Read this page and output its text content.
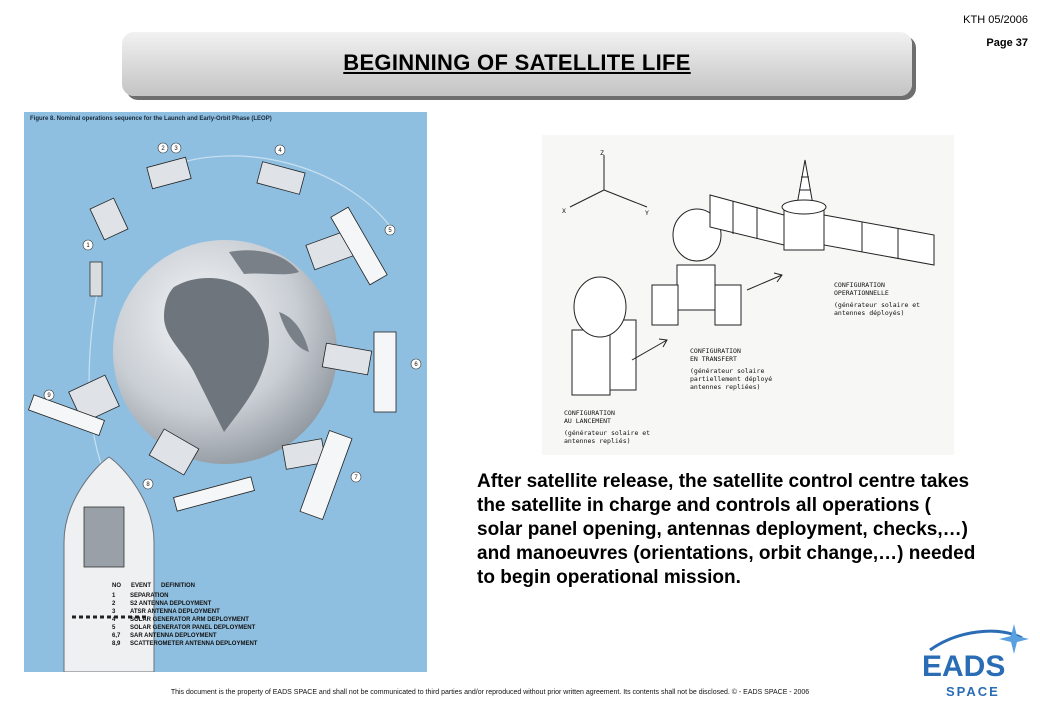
KTH 05/2006
Page 37
BEGINNING OF SATELLITE LIFE
Figure 8. Nominal operations sequence for the Launch and Early-Orbit Phase (LEOP)
1
2 3	4
5
6
7
8
9
NO EVENT DEFINITION
1	SEPARATION
2	S2 ANTENNA DEPLOYMENT
3	ATSR ANTENNA DEPLOYMENT
4	SOLAR GENERATOR ARM DEPLOYMENT
5	SOLAR GENERATOR PANEL DEPLOYMENT
6,7	SAR ANTENNA DEPLOYMENT
8,9	SCATTEROMETER ANTENNA DEPLOYMENT
Z
X	Y
CONFIGURATION
AU LANCEMENT
(générateur solaire et
antennes repliés)
CONFIGURATION
EN TRANSFERT
(générateur solaire
partiellement déployé
antennes repliées)
CONFIGURATION
OPERATIONNELLE
(générateur solaire et
antennes déployés)
After satellite release, the satellite control centre takes the satellite in charge and controls all operations ( solar panel opening, antennas deployment, checks,…) and manoeuvres (orientations, orbit change,…) needed to begin operational mission.
This document is the property of EADS SPACE and shall not be communicated to third parties and/or reproduced without prior written agreement. Its contents shall not be disclosed. © - EADS SPACE - 2006
EADS
SPACE
